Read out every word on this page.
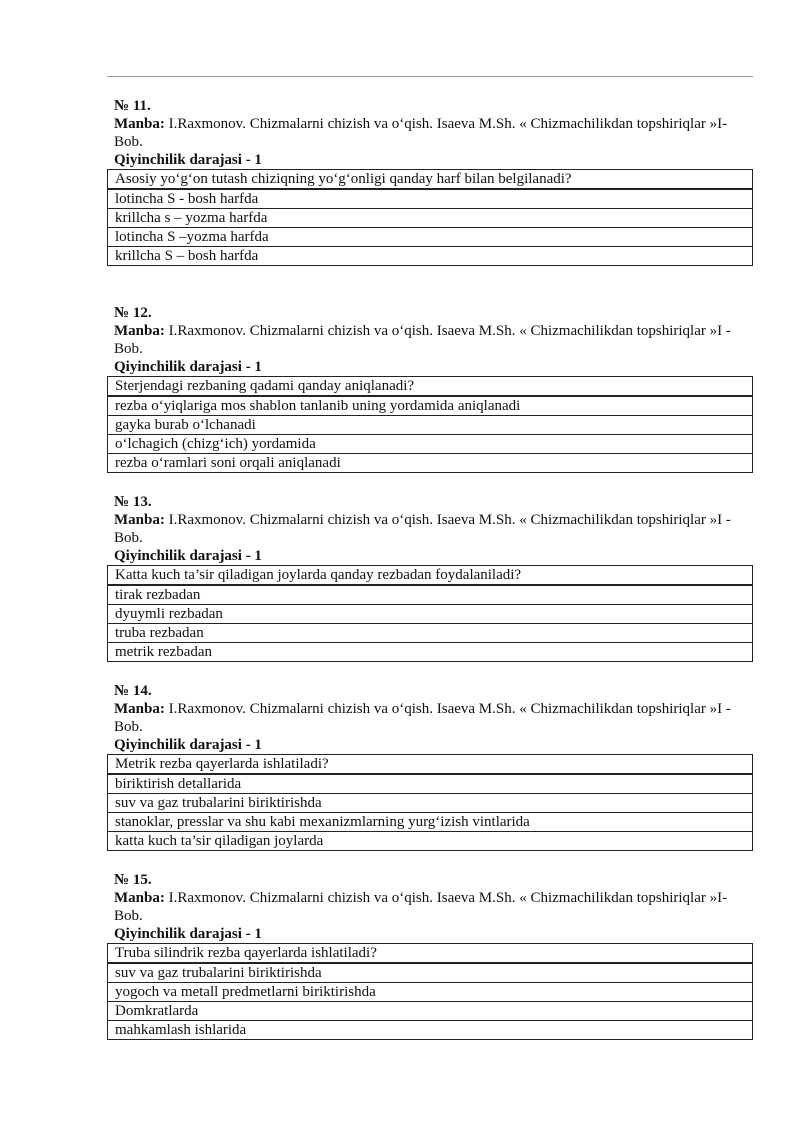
№ 11.
Manba: I.Raxmonov. Chizmalarni chizish va o‘qish. Isaeva M.Sh. « Chizmachilikdan topshiriqlar »I-Bob.
Qiyinchilik darajasi - 1
Asosiy yo‘g‘on tutash chiziqning yo‘g‘onligi qanday harf bilan belgilanadi?
lotincha S - bosh harfda
krillcha s – yozma harfda
lotincha S –yozma harfda
krillcha S – bosh harfda
№ 12.
Manba: I.Raxmonov. Chizmalarni chizish va o‘qish. Isaeva M.Sh. « Chizmachilikdan topshiriqlar »I -Bob.
Qiyinchilik darajasi - 1
Sterjendagi rezbaning qadami qanday aniqlanadi?
rezba o‘yiqlariga mos shablon tanlanib uning yordamida aniqlanadi
gayka burab o‘lchanadi
o‘lchagich (chizg‘ich) yordamida
rezba o‘ramlari soni orqali aniqlanadi
№ 13.
Manba: I.Raxmonov. Chizmalarni chizish va o‘qish. Isaeva M.Sh. « Chizmachilikdan topshiriqlar »I -Bob.
Qiyinchilik darajasi - 1
Katta kuch ta’sir qiladigan joylarda qanday rezbadan foydalaniladi?
tirak rezbadan
dyuymli rezbadan
truba rezbadan
metrik rezbadan
№ 14.
Manba: I.Raxmonov. Chizmalarni chizish va o‘qish. Isaeva M.Sh. « Chizmachilikdan topshiriqlar »I -Bob.
Qiyinchilik darajasi - 1
Metrik rezba qayerlarda ishlatiladi?
biriktirish detallarida
suv va gaz trubalarini biriktirishda
stanoklar, presslar va shu kabi mexanizmlarning yurg‘izish vintlarida
katta kuch ta’sir qiladigan joylarda
№ 15.
Manba: I.Raxmonov. Chizmalarni chizish va o‘qish. Isaeva M.Sh. « Chizmachilikdan topshiriqlar »I-Bob.
Qiyinchilik darajasi - 1
Truba silindrik rezba qayerlarda ishlatiladi?
suv va gaz trubalarini biriktirishda
yogoch va metall predmetlarni biriktirishda
Domkratlarda
mahkamlash ishlarida
